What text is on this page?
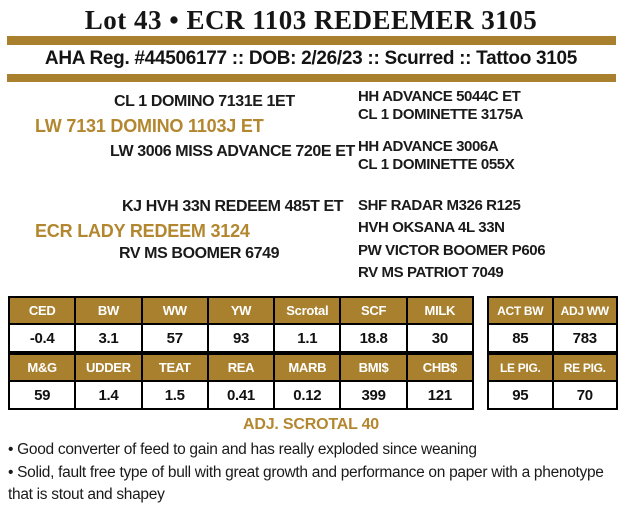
Lot 43 • ECR 1103 REDEEMER 3105
AHA Reg. #44506177 :: DOB: 2/26/23 :: Scurred :: Tattoo 3105
CL 1 DOMINO 7131E 1ET
LW 7131 DOMINO 1103J ET
LW 3006 MISS ADVANCE 720E ET
HH ADVANCE 5044C ET
CL 1 DOMINETTE 3175A
HH ADVANCE 3006A
CL 1 DOMINETTE 055X
KJ HVH 33N REDEEM 485T ET
ECR LADY REDEEM 3124
RV MS BOOMER 6749
SHF RADAR M326 R125
HVH OKSANA 4L 33N
PW VICTOR BOOMER P606
RV MS PATRIOT 7049
CED	BW	WW	YW	Scrotal	SCF	MILK
-0.4	3.1	57	93	1.1	18.8	30
M&G	UDDER	TEAT	REA	MARB	BMI$	CHB$
59	1.4	1.5	0.41	0.12	399	121
ACT BW	ADJ WW
85	783
LE PIG.	RE PIG.
95	70
ADJ. SCROTAL 40

• Good converter of feed to gain and has really exploded since weaning

• Solid, fault free type of bull with great growth and performance on paper with a phenotype that is stout and shapey
